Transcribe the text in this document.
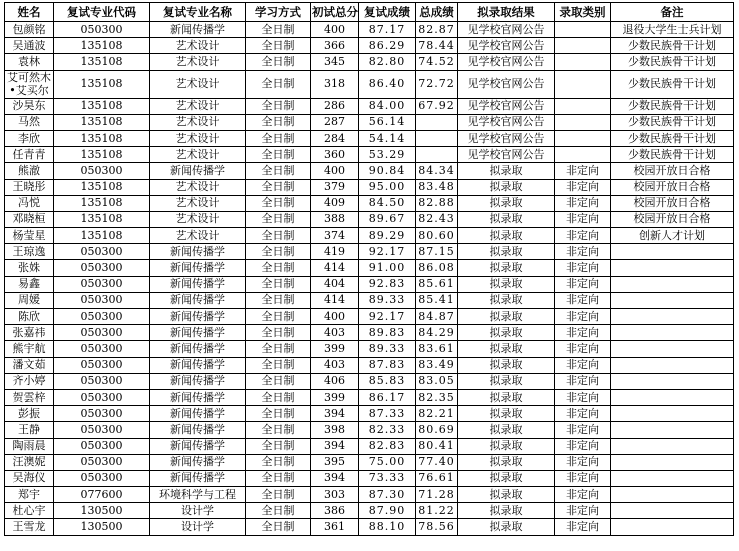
姓名	复试专业代码	复试专业名称	学习方式	初试总分	复试成绩	总成绩	拟录取结果	录取类别	备注
包颜铭	050300	新闻传播学	全日制	400	87.17	82.87	见学校官网公告		退役大学生士兵计划
吴通波	135108	艺术设计	全日制	366	86.29	78.44	见学校官网公告		少数民族骨干计划
袁林	135108	艺术设计	全日制	345	82.80	74.52	见学校官网公告		少数民族骨干计划
艾可然木•艾买尔	135108	艺术设计	全日制	318	86.40	72.72	见学校官网公告		少数民族骨干计划
沙昊东	135108	艺术设计	全日制	286	84.00	67.92	见学校官网公告		少数民族骨干计划
马然	135108	艺术设计	全日制	287	56.14		见学校官网公告		少数民族骨干计划
李欣	135108	艺术设计	全日制	284	54.14		见学校官网公告		少数民族骨干计划
任青青	135108	艺术设计	全日制	360	53.29		见学校官网公告		少数民族骨干计划
熊澈	050300	新闻传播学	全日制	400	90.84	84.34	拟录取	非定向	校园开放日合格
王晓彤	135108	艺术设计	全日制	379	95.00	83.48	拟录取	非定向	校园开放日合格
冯悦	135108	艺术设计	全日制	409	84.50	82.88	拟录取	非定向	校园开放日合格
邓晓桓	135108	艺术设计	全日制	388	89.67	82.43	拟录取	非定向	校园开放日合格
杨莹星	135108	艺术设计	全日制	374	89.29	80.60	拟录取	非定向	创新人才计划
王琼逸	050300	新闻传播学	全日制	419	92.17	87.15	拟录取	非定向	
张姝	050300	新闻传播学	全日制	414	91.00	86.08	拟录取	非定向	
易鑫	050300	新闻传播学	全日制	404	92.83	85.61	拟录取	非定向	
周媛	050300	新闻传播学	全日制	414	89.33	85.41	拟录取	非定向	
陈欣	050300	新闻传播学	全日制	400	92.17	84.87	拟录取	非定向	
张嘉祎	050300	新闻传播学	全日制	403	89.83	84.29	拟录取	非定向	
熊宇航	050300	新闻传播学	全日制	399	89.33	83.61	拟录取	非定向	
潘文茹	050300	新闻传播学	全日制	403	87.83	83.49	拟录取	非定向	
齐小婷	050300	新闻传播学	全日制	406	85.83	83.05	拟录取	非定向	
贺雲梓	050300	新闻传播学	全日制	399	86.17	82.35	拟录取	非定向	
彭振	050300	新闻传播学	全日制	394	87.33	82.21	拟录取	非定向	
王静	050300	新闻传播学	全日制	398	82.33	80.69	拟录取	非定向	
陶雨晨	050300	新闻传播学	全日制	394	82.83	80.41	拟录取	非定向	
汪澳妮	050300	新闻传播学	全日制	395	75.00	77.40	拟录取	非定向	
吴海仪	050300	新闻传播学	全日制	394	73.33	76.61	拟录取	非定向	
郑宇	077600	环境科学与工程	全日制	303	87.30	71.28	拟录取	非定向	
杜心宇	130500	设计学	全日制	386	87.90	81.22	拟录取	非定向	
王雪龙	130500	设计学	全日制	361	88.10	78.56	拟录取	非定向	
